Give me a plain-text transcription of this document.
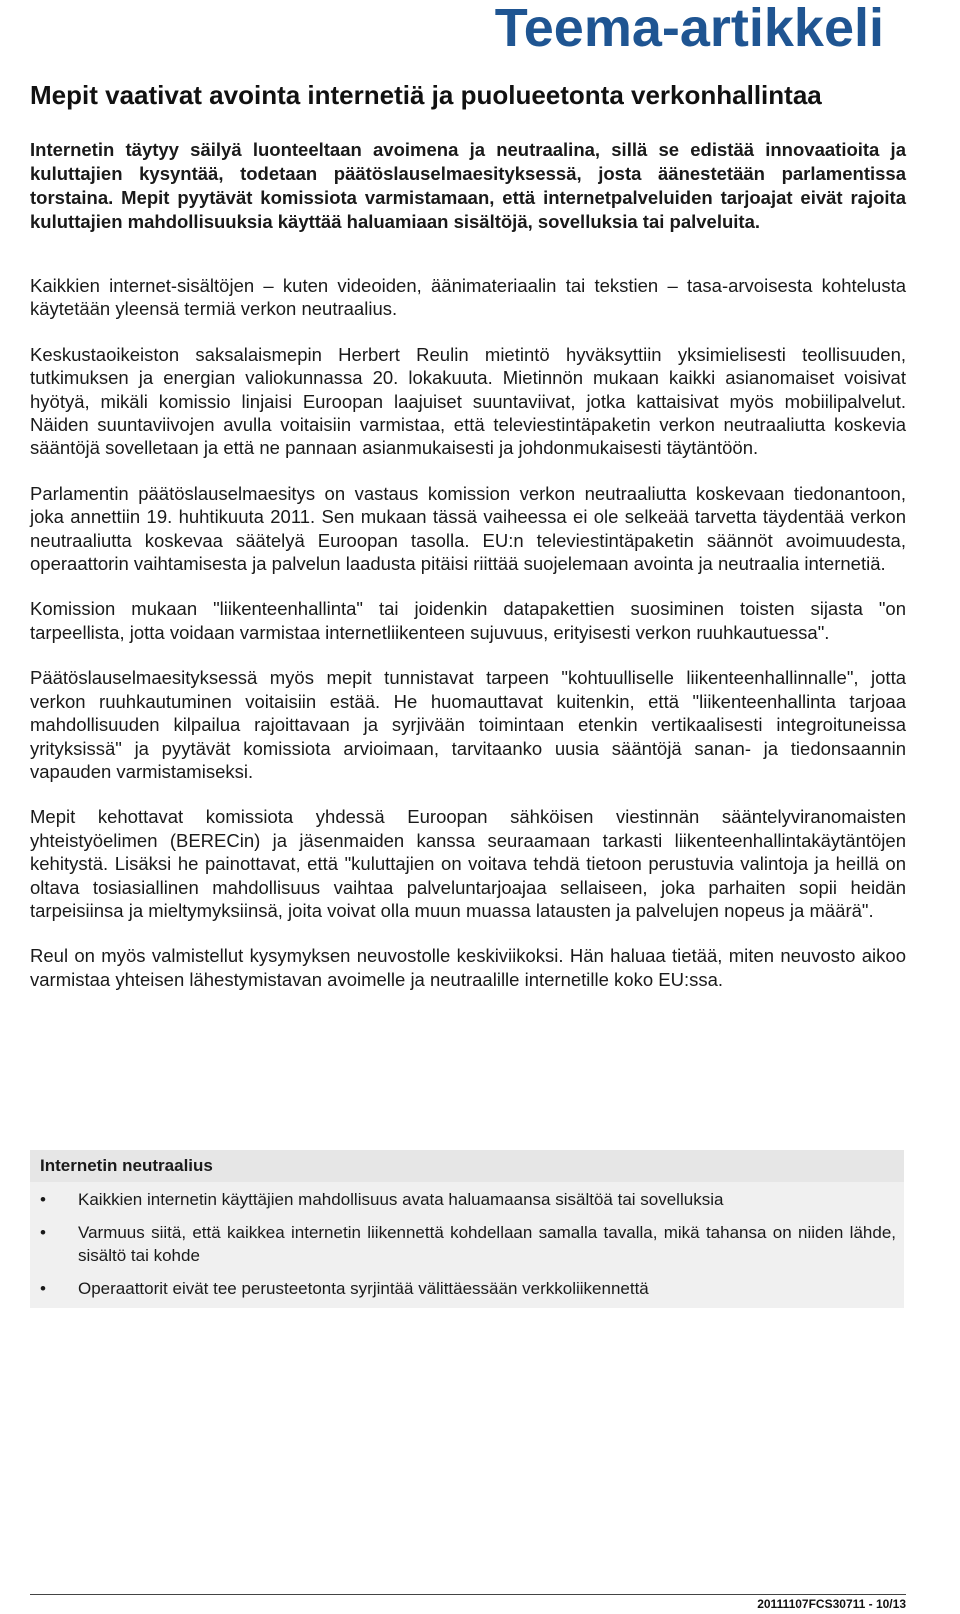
Teema-artikkeli
Mepit vaativat avointa internetiä ja puolueetonta verkonhallintaa

Internetin täytyy säilyä luonteeltaan avoimena ja neutraalina, sillä se edistää innovaatioita ja kuluttajien kysyntää, todetaan päätöslauselmaesityksessä, josta äänestetään parlamentissa torstaina. Mepit pyytävät komissiota varmistamaan, että internetpalveluiden tarjoajat eivät rajoita kuluttajien mahdollisuuksia käyttää haluamiaan sisältöjä, sovelluksia tai palveluita.

Kaikkien internet-sisältöjen – kuten videoiden, äänimateriaalin tai tekstien – tasa-arvoisesta kohtelusta käytetään yleensä termiä verkon neutraalius.

Keskustaoikeiston saksalaismepin Herbert Reulin mietintö hyväksyttiin yksimielisesti teollisuuden, tutkimuksen ja energian valiokunnassa 20. lokakuuta. Mietinnön mukaan kaikki asianomaiset voisivat hyötyä, mikäli komissio linjaisi Euroopan laajuiset suuntaviivat, jotka kattaisivat myös mobiilipalvelut. Näiden suuntaviivojen avulla voitaisiin varmistaa, että televiestintäpaketin verkon neutraaliutta koskevia sääntöjä sovelletaan ja että ne pannaan asianmukaisesti ja johdonmukaisesti täytäntöön.

Parlamentin päätöslauselmaesitys on vastaus komission verkon neutraaliutta koskevaan tiedonantoon, joka annettiin 19. huhtikuuta 2011. Sen mukaan tässä vaiheessa ei ole selkeää tarvetta täydentää verkon neutraaliutta koskevaa säätelyä Euroopan tasolla. EU:n televiestintäpaketin säännöt avoimuudesta, operaattorin vaihtamisesta ja palvelun laadusta pitäisi riittää suojelemaan avointa ja neutraalia internetiä.

Komission mukaan "liikenteenhallinta" tai joidenkin datapakettien suosiminen toisten sijasta "on tarpeellista, jotta voidaan varmistaa internetliikenteen sujuvuus, erityisesti verkon ruuhkautuessa".

Päätöslauselmaesityksessä myös mepit tunnistavat tarpeen "kohtuulliselle liikenteenhallinnalle", jotta verkon ruuhkautuminen voitaisiin estää. He huomauttavat kuitenkin, että "liikenteenhallinta tarjoaa mahdollisuuden kilpailua rajoittavaan ja syrjivään toimintaan etenkin vertikaalisesti integroituneissa yrityksissä" ja pyytävät komissiota arvioimaan, tarvitaanko uusia sääntöjä sanan- ja tiedonsaannin vapauden varmistamiseksi.

Mepit kehottavat komissiota yhdessä Euroopan sähköisen viestinnän sääntelyviranomaisten yhteistyöelimen (BERECin) ja jäsenmaiden kanssa seuraamaan tarkasti liikenteenhallintakäytäntöjen kehitystä. Lisäksi he painottavat, että "kuluttajien on voitava tehdä tietoon perustuvia valintoja ja heillä on oltava tosiasiallinen mahdollisuus vaihtaa palveluntarjoajaa sellaiseen, joka parhaiten sopii heidän tarpeisiinsa ja mieltymyksiinsä, joita voivat olla muun muassa latausten ja palvelujen nopeus ja määrä".

Reul on myös valmistellut kysymyksen neuvostolle keskiviikoksi. Hän haluaa tietää, miten neuvosto aikoo varmistaa yhteisen lähestymistavan avoimelle ja neutraalille internetille koko EU:ssa.

Internetin neutraalius
• Kaikkien internetin käyttäjien mahdollisuus avata haluamaansa sisältöä tai sovelluksia
• Varmuus siitä, että kaikkea internetin liikennettä kohdellaan samalla tavalla, mikä tahansa on niiden lähde, sisältö tai kohde
• Operaattorit eivät tee perusteetonta syrjintää välittäessään verkkoliikennettä
20111107FCS30711 - 10/13
